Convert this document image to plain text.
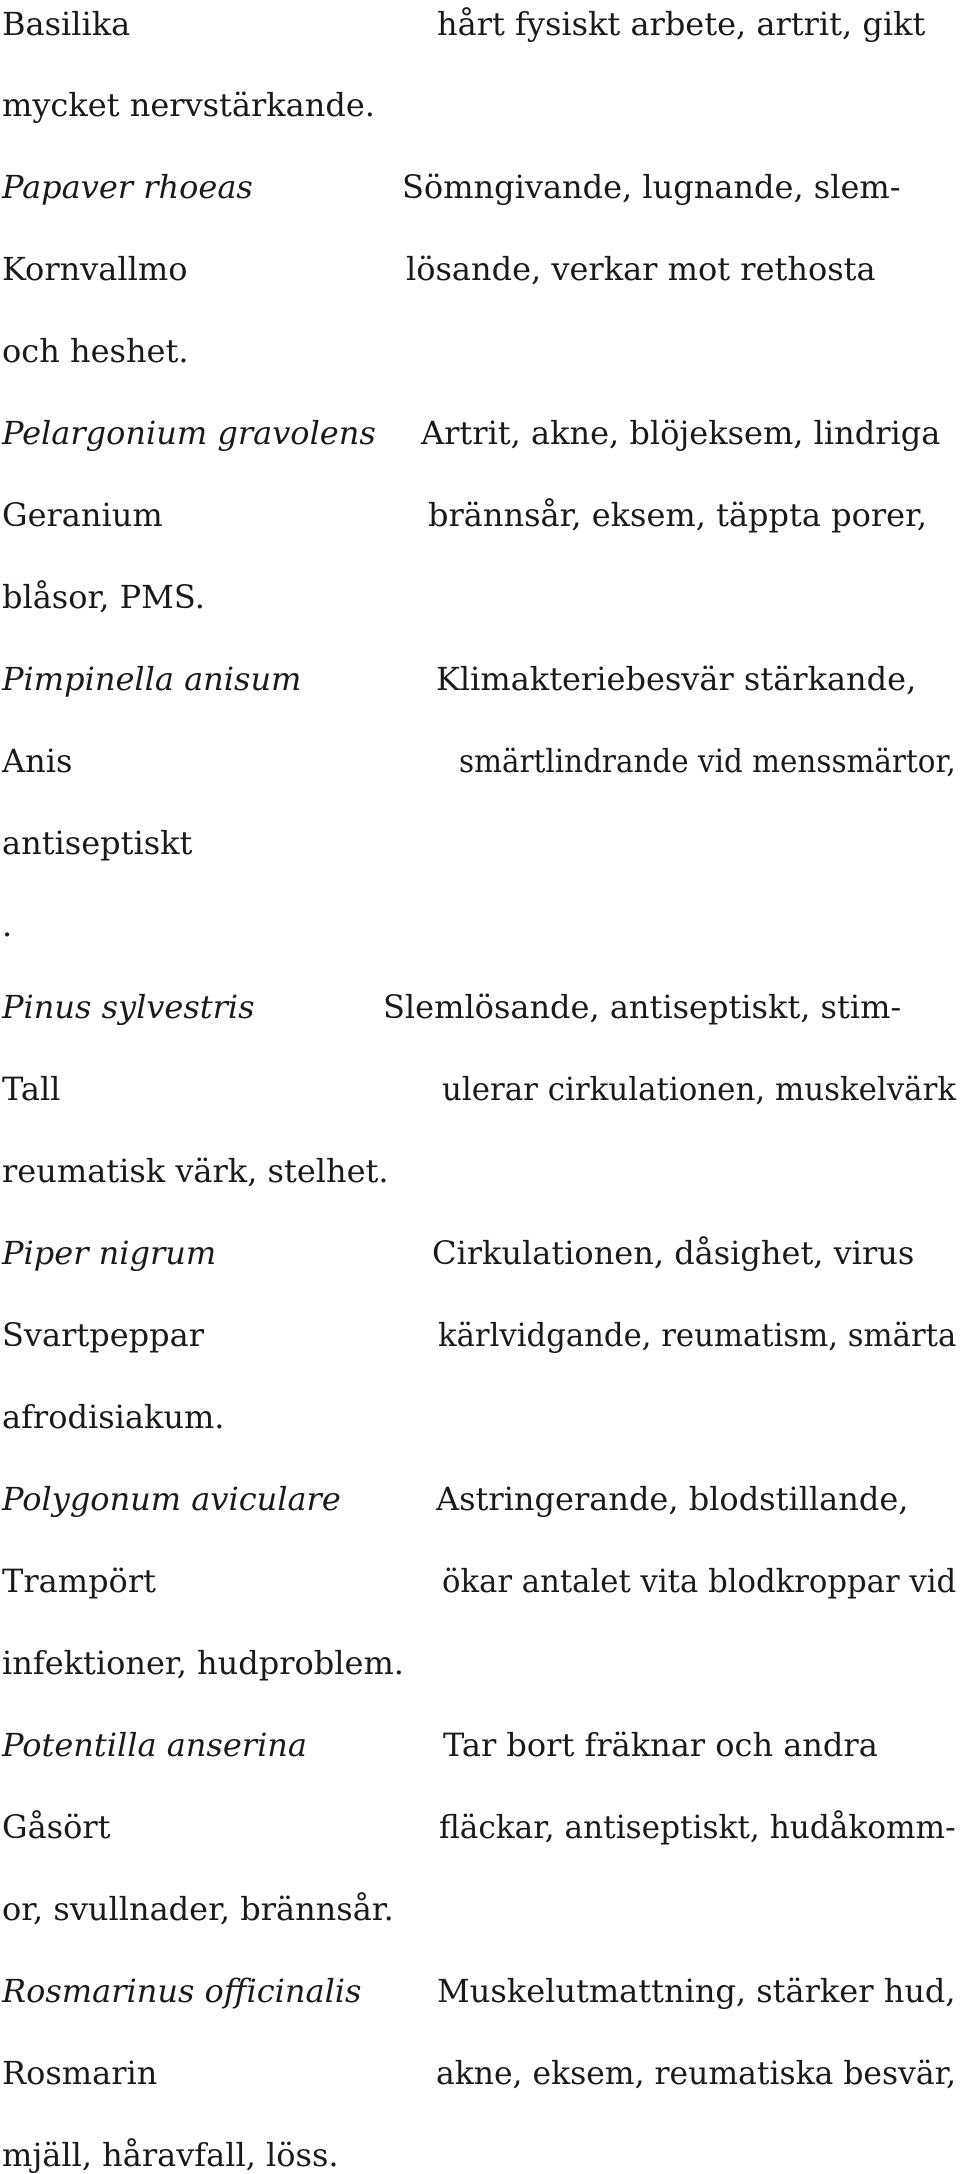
Basilika	hårt fysiskt arbete, artrit, gikt
mycket nervstärkande.
Papaver rhoeas	Sömngivande, lugnande, slem-
Kornvallmo	lösande, verkar mot rethosta
och heshet.
Pelargonium gravolens Artrit, akne, blöjeksem, lindriga
Geranium	brännsår, eksem, täppta porer,
blåsor, PMS.
Pimpinella anisum	Klimakteriebesvär stärkande,
Anis	smärtlindrande vid menssmärtor,
antiseptiskt
.
Pinus sylvestris	Slemlösande, antiseptiskt, stim-
Tall	ulerar cirkulationen, muskelvärk
reumatisk värk, stelhet.
Piper nigrum	Cirkulationen, dåsighet, virus
Svartpeppar	kärlvidgande, reumatism, smärta
afrodisiakum.
Polygonum aviculare	Astringerande, blodstillande,
Trampört	ökar antalet vita blodkroppar vid
infektioner, hudproblem.
Potentilla anserina	Tar bort fräknar och andra
Gåsört	fläckar, antiseptiskt, hudåkomm-
or, svullnader, brännsår.
Rosmarinus officinalis Muskelutmattning, stärker hud,
Rosmarin	akne, eksem, reumatiska besvär,
mjäll, håravfall, löss.
